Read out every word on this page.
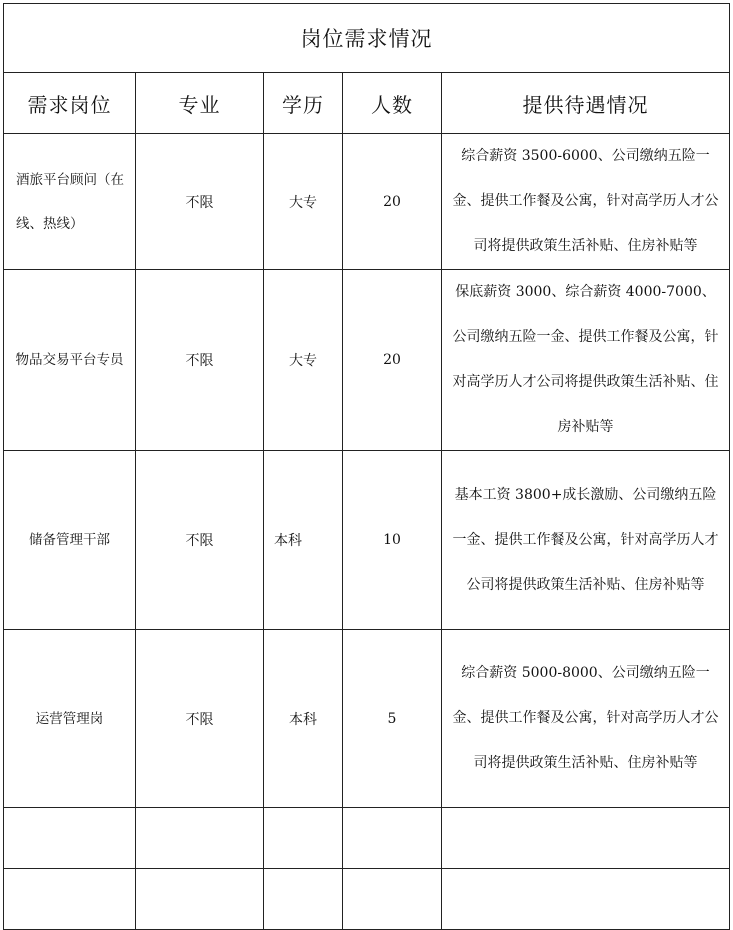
岗位需求情况				
需求岗位	专业	学历	人数	提供待遇情况
酒旅平台顾问（在线、热线）	不限	大专	20	综合薪资 3500-6000、公司缴纳五险一金、提供工作餐及公寓，针对高学历人才公司将提供政策生活补贴、住房补贴等
物品交易平台专员	不限	大专	20	保底薪资 3000、综合薪资 4000-7000、公司缴纳五险一金、提供工作餐及公寓，针对高学历人才公司将提供政策生活补贴、住房补贴等
储备管理干部	不限	本科	10	基本工资 3800+成长激励、公司缴纳五险一金、提供工作餐及公寓，针对高学历人才公司将提供政策生活补贴、住房补贴等
运营管理岗	不限	本科	5	综合薪资 5000-8000、公司缴纳五险一金、提供工作餐及公寓，针对高学历人才公司将提供政策生活补贴、住房补贴等
